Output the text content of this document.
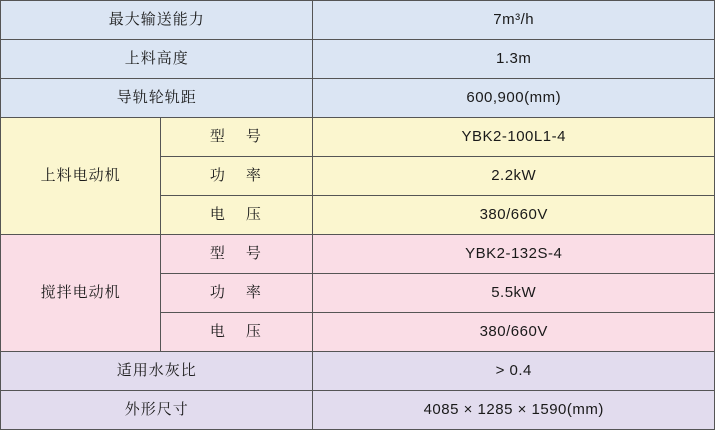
最大输送能力		7m³/h
上料高度		1.3m
导轨轮轨距		600,900(mm)
上料电动机	型　号	YBK2-100L1-4
	功　率	2.2kW
	电　压	380/660V
搅拌电动机	型　号	YBK2-132S-4
	功　率	5.5kW
	电　压	380/660V
适用水灰比		> 0.4
外形尺寸		4085 × 1285 × 1590(mm)
